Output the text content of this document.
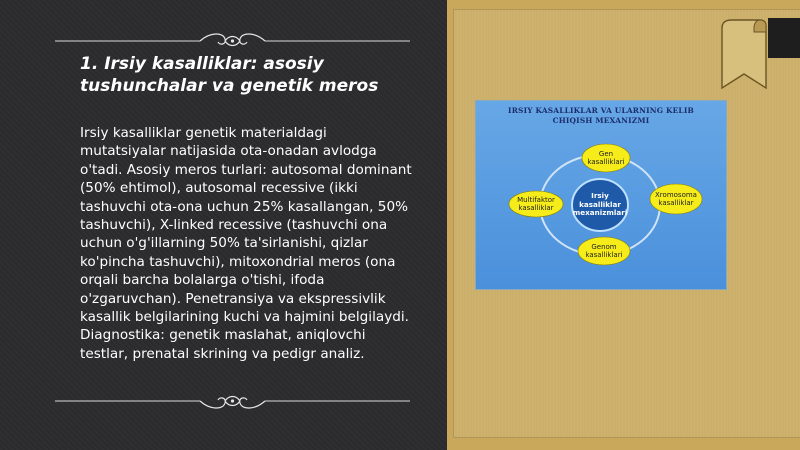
1. Irsiy kasalliklar: asosiy tushunchalar va genetik meros
Irsiy kasalliklar genetik materialdagi mutatsiyalar natijasida ota-onadan avlodga o'tadi. Asosiy meros turlari: autosomal dominant (50% ehtimol), autosomal recessive (ikki tashuvchi ota-ona uchun 25% kasallangan, 50% tashuvchi), X-linked recessive (tashuvchi ona uchun o'g'illarning 50% ta'sirlanishi, qizlar ko'pincha tashuvchi), mitoxondrial meros (ona orqali barcha bolalarga o'tishi, ifoda o'zgaruvchan). Penetransiya va ekspressivlik kasallik belgilarining kuchi va hajmini belgilaydi. Diagnostika: genetik maslahat, aniqlovchi testlar, prenatal skrining va pedigr analiz.
IRSIY KASALLIKLAR VA ULARNING KELIB
CHIQISH MEXANIZMI
Irsiy kasalliklar mexanizmlari
Gen kasalliklari
Multifaktor kasalliklar
Xromosoma kasalliklar
Genom kasalliklari
